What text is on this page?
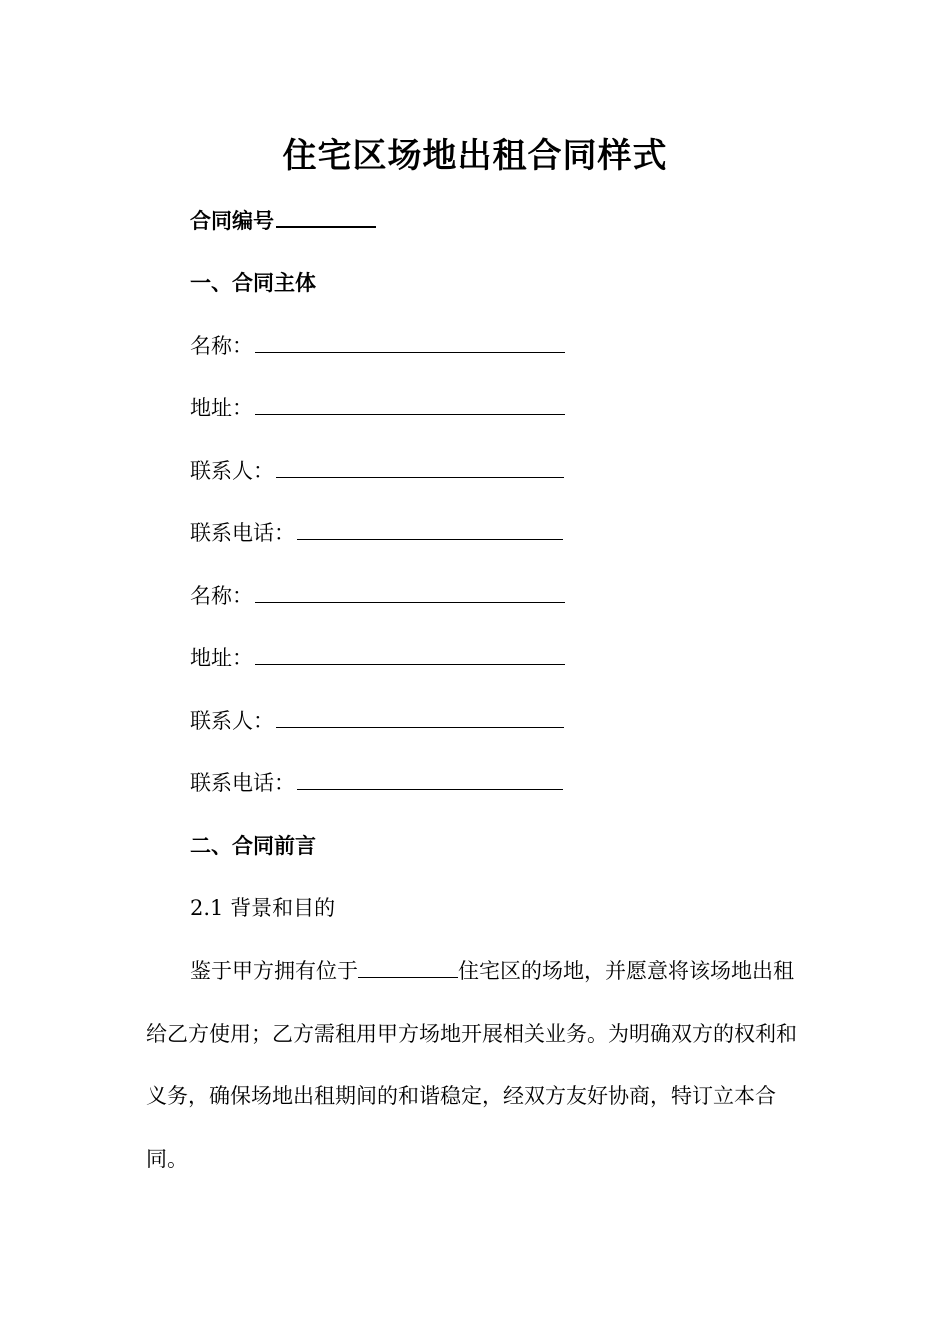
住宅区场地出租合同样式
合同编号
一、合同主体
名称：
地址：
联系人：
联系电话：
名称：
地址：
联系人：
联系电话：
二、合同前言
2.1 背景和目的
鉴于甲方拥有位于	住宅区的场地，并愿意将该场地出租给乙方使用；乙方需租用甲方场地开展相关业务。为明确双方的权利和义务，确保场地出租期间的和谐稳定，经双方友好协商，特订立本合同。
